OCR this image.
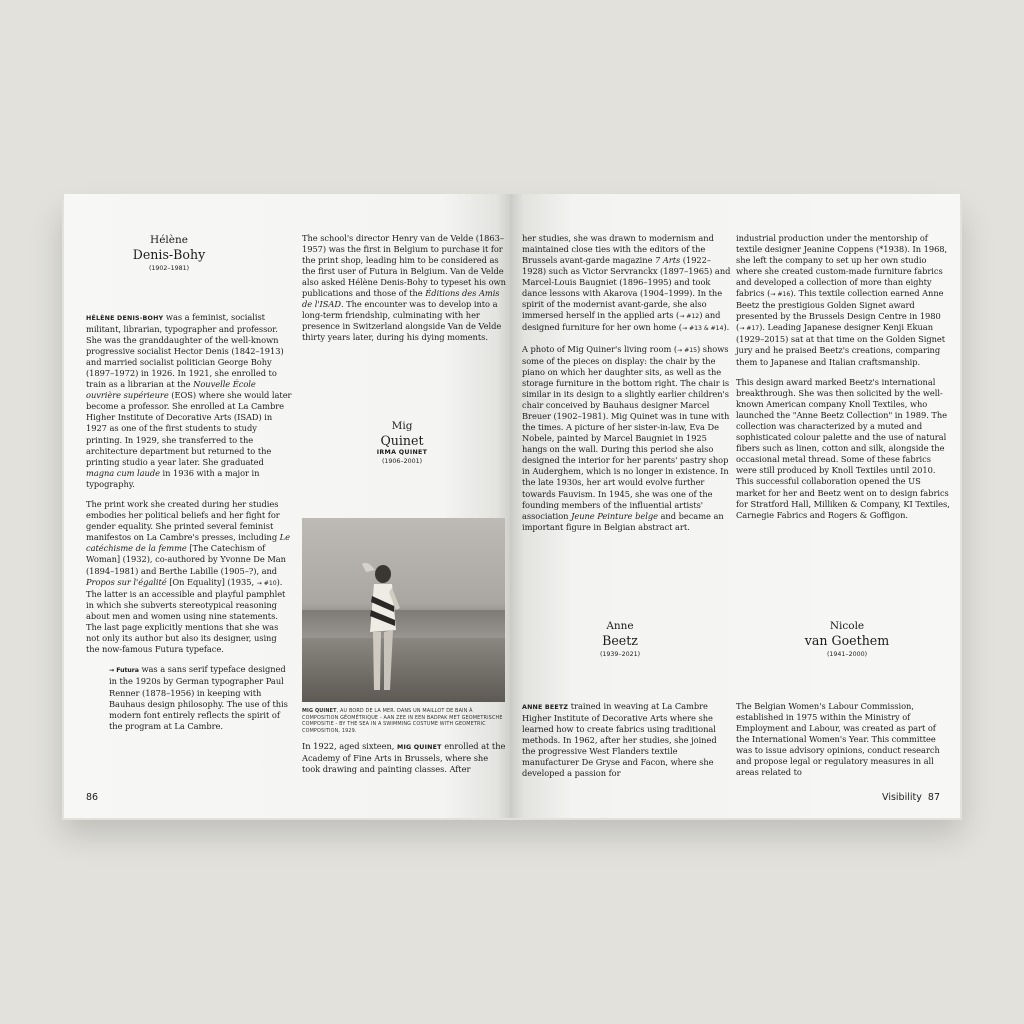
Hélène
Denis-Bohy
(1902–1981)

HÉLÈNE DENIS-BOHY was a feminist, socialist militant, librarian, typographer and professor. She was the granddaughter of the well-known progressive socialist Hector Denis (1842–1913) and married socialist politician George Bohy (1897–1972) in 1926. In 1921, she enrolled to train as a librarian at the Nouvelle École ouvrière supérieure (EOS) where she would later become a professor. She enrolled at La Cambre Higher Institute of Decorative Arts (ISAD) in 1927 as one of the first students to study printing. In 1929, she transferred to the architecture department but returned to the printing studio a year later. She graduated magna cum laude in 1936 with a major in typography.

The print work she created during her studies embodies her political beliefs and her fight for gender equality. She printed several feminist manifestos on La Cambre's presses, including Le catéchisme de la femme [The Catechism of Woman] (1932), co-authored by Yvonne De Man (1894–1981) and Berthe Labille (1905–?), and Propos sur l'égalité [On Equality] (1935, → #10). The latter is an accessible and playful pamphlet in which she subverts stereotypical reasoning about men and women using nine statements. The last page explicitly mentions that she was not only its author but also its designer, using the now-famous Futura typeface.

→ Futura was a sans serif typeface designed in the 1920s by German typographer Paul Renner (1878–1956) in keeping with Bauhaus design philosophy. The use of this modern font entirely reflects the spirit of the program at La Cambre.

The school's director Henry van de Velde (1863–1957) was the first in Belgium to purchase it for the print shop, leading him to be considered as the first user of Futura in Belgium. Van de Velde also asked Hélène Denis-Bohy to typeset his own publications and those of the Éditions des Amis de l'ISAD. The encounter was to develop into a long-term friendship, culminating with her presence in Switzerland alongside Van de Velde thirty years later, during his dying moments.

Mig
Quinet
IRMA QUINET
(1906–2001)
MIG QUINET, AU BORD DE LA MER. DANS UN MAILLOT DE BAIN À COMPOSITION GÉOMÉTRIQUE - AAN ZEE IN EEN BADPAK MET GEOMETRISCHE COMPOSITIE - BY THE SEA IN A SWIMMING COSTUME WITH GEOMETRIC COMPOSITION, 1929.

In 1922, aged sixteen, MIG QUINET enrolled at the Academy of Fine Arts in Brussels, where she took drawing and painting classes. After

86

her studies, she was drawn to modernism and maintained close ties with the editors of the Brussels avant-garde magazine 7 Arts (1922–1928) such as Victor Servranckx (1897–1965) and Marcel-Louis Baugniet (1896–1995) and took dance lessons with Akarova (1904–1999). In the spirit of the modernist avant-garde, she also immersed herself in the applied arts (→ #12) and designed furniture for her own home (→ #13 & #14).

A photo of Mig Quiner's living room (→ #15) shows some of the pieces on display: the chair by the piano on which her daughter sits, as well as the storage furniture in the bottom right. The chair is similar in its design to a slightly earlier children's chair conceived by Bauhaus designer Marcel Breuer (1902–1981). Mig Quinet was in tune with the times. A picture of her sister-in-law, Eva De Nobele, painted by Marcel Baugniet in 1925 hangs on the wall. During this period she also designed the interior for her parents' pastry shop in Auderghem, which is no longer in existence. In the late 1930s, her art would evolve further towards Fauvism. In 1945, she was one of the founding members of the influential artists' association Jeune Peinture belge and became an important figure in Belgian abstract art.

Anne
Beetz
(1939–2021)

ANNE BEETZ trained in weaving at La Cambre Higher Institute of Decorative Arts where she learned how to create fabrics using traditional methods. In 1962, after her studies, she joined the progressive West Flanders textile manufacturer De Gryse and Facon, where she developed a passion for

industrial production under the mentorship of textile designer Jeanine Coppens (*1938). In 1968, she left the company to set up her own studio where she created custom-made furniture fabrics and developed a collection of more than eighty fabrics (→ #16). This textile collection earned Anne Beetz the prestigious Golden Signet award presented by the Brussels Design Centre in 1980 (→ #17). Leading Japanese designer Kenji Ekuan (1929–2015) sat at that time on the Golden Signet jury and he praised Beetz's creations, comparing them to Japanese and Italian craftsmanship.

This design award marked Beetz's international breakthrough. She was then solicited by the well-known American company Knoll Textiles, who launched the "Anne Beetz Collection" in 1989. The collection was characterized by a muted and sophisticated colour palette and the use of natural fibers such as linen, cotton and silk, alongside the occasional metal thread. Some of these fabrics were still produced by Knoll Textiles until 2010. This successful collaboration opened the US market for her and Beetz went on to design fabrics for Stratford Hall, Milliken & Company, KI Textiles, Carnegie Fabrics and Rogers & Goffigon.

Nicole
van Goethem
(1941–2000)

The Belgian Women's Labour Commission, established in 1975 within the Ministry of Employment and Labour, was created as part of the International Women's Year. This committee was to issue advisory opinions, conduct research and propose legal or regulatory measures in all areas related to

Visibility 87
